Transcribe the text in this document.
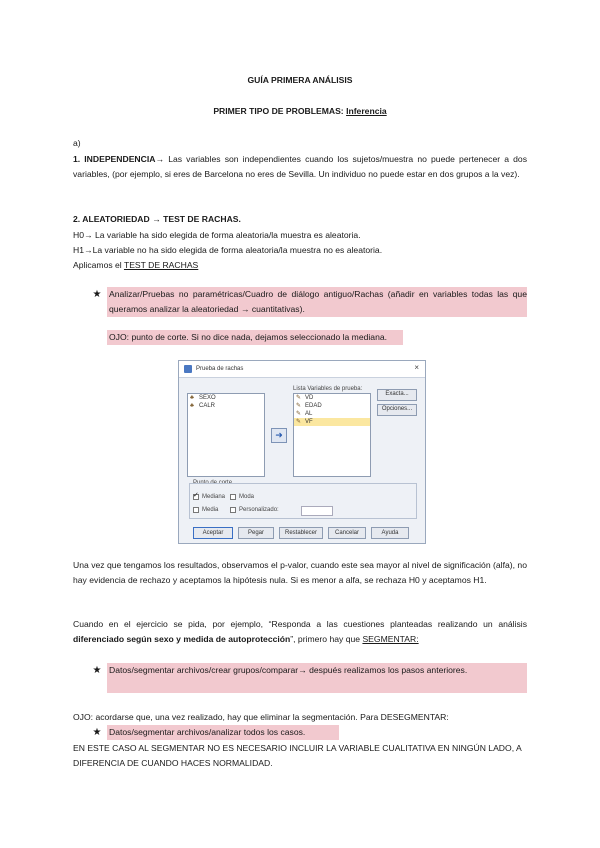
GUÍA PRIMERA ANÁLISIS
PRIMER TIPO DE PROBLEMAS: Inferencia
a)
1. INDEPENDENCIA→ Las variables son independientes cuando los sujetos/muestra no puede pertenecer a dos variables, (por ejemplo, si eres de Barcelona no eres de Sevilla. Un individuo no puede estar en dos grupos a la vez).
2. ALEATORIEDAD → TEST DE RACHAS.
H0→ La variable ha sido elegida de forma aleatoria/la muestra es aleatoria.
H1→La variable no ha sido elegida de forma aleatoria/la muestra no es aleatoria.
Aplicamos el TEST DE RACHAS
★ Analizar/Pruebas no paramétricas/Cuadro de diálogo antiguo/Rachas (añadir en variables todas las que queramos analizar la aleatoriedad → cuantitativas).
OJO: punto de corte. Si no dice nada, dejamos seleccionado la mediana.
Prueba de rachas	×
♣ SEXO
♣ CALR
➜
Lista Variables de prueba:
✎ VD
✎ EDAD
✎ AL
✎ VF
Exacta...
Opciones...
Punto de corte
✓
Mediana Moda
Media	Personalizado:
Aceptar	Pegar	Restablecer	Cancelar	Ayuda
Una vez que tengamos los resultados, observamos el p-valor, cuando este sea mayor al nivel de significación (alfa), no hay evidencia de rechazo y aceptamos la hipótesis nula. Si es menor a alfa, se rechaza H0 y aceptamos H1.
Cuando en el ejercicio se pida, por ejemplo, “Responda a las cuestiones planteadas realizando un análisis diferenciado según sexo y medida de autoprotección”, primero hay que SEGMENTAR:
★ Datos/segmentar archivos/crear grupos/comparar→ después realizamos los pasos anteriores.
OJO: acordarse que, una vez realizado, hay que eliminar la segmentación. Para DESEGMENTAR:
★ Datos/segmentar archivos/analizar todos los casos.
EN ESTE CASO AL SEGMENTAR NO ES NECESARIO INCLUIR LA VARIABLE CUALITATIVA EN NINGÚN LADO, A DIFERENCIA DE CUANDO HACES NORMALIDAD.
